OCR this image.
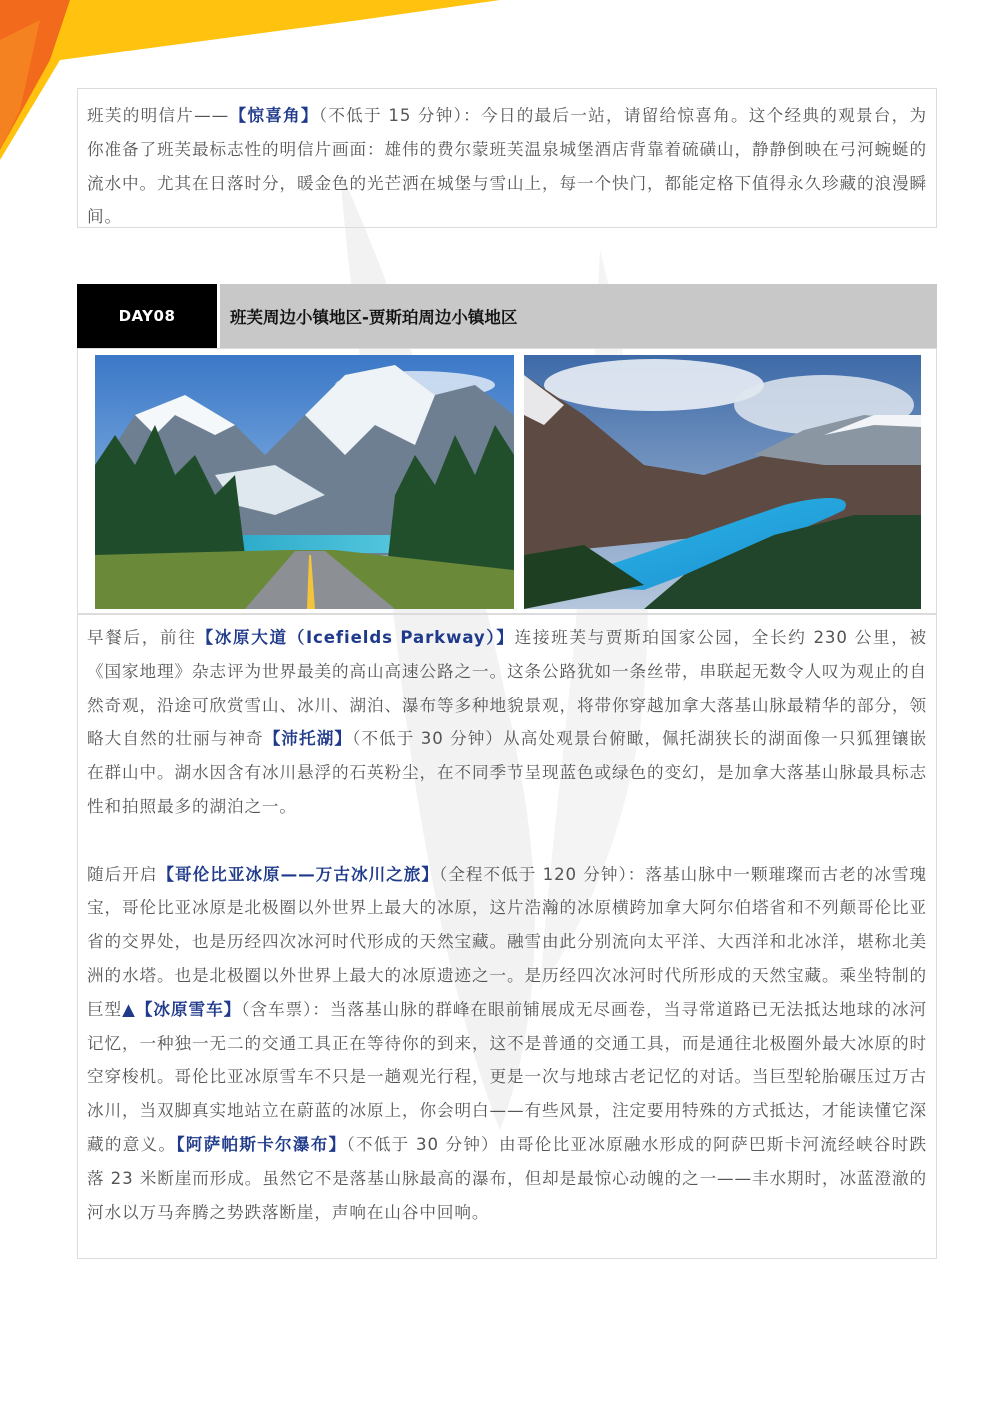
班芙的明信片——【惊喜角】（不低于 15 分钟）：今日的最后一站，请留给惊喜角。这个经典的观景台，为你准备了班芙最标志性的明信片画面：雄伟的费尔蒙班芙温泉城堡酒店背靠着硫磺山，静静倒映在弓河蜿蜒的流水中。尤其在日落时分，暖金色的光芒洒在城堡与雪山上，每一个快门，都能定格下值得永久珍藏的浪漫瞬间。

DAY08	班芙周边小镇地区-贾斯珀周边小镇地区

早餐后，前往【冰原大道（Icefields Parkway）】连接班芙与贾斯珀国家公园，全长约 230 公里，被《国家地理》杂志评为世界最美的高山高速公路之一。这条公路犹如一条丝带，串联起无数令人叹为观止的自然奇观，沿途可欣赏雪山、冰川、湖泊、瀑布等多种地貌景观，将带你穿越加拿大落基山脉最精华的部分，领略大自然的壮丽与神奇【沛托湖】（不低于 30 分钟）从高处观景台俯瞰，佩托湖狭长的湖面像一只狐狸镶嵌在群山中。湖水因含有冰川悬浮的石英粉尘，在不同季节呈现蓝色或绿色的变幻，是加拿大落基山脉最具标志性和拍照最多的湖泊之一。

随后开启【哥伦比亚冰原——万古冰川之旅】（全程不低于 120 分钟）：落基山脉中一颗璀璨而古老的冰雪瑰宝，哥伦比亚冰原是北极圈以外世界上最大的冰原，这片浩瀚的冰原横跨加拿大阿尔伯塔省和不列颠哥伦比亚省的交界处，也是历经四次冰河时代形成的天然宝藏。融雪由此分别流向太平洋、大西洋和北冰洋，堪称北美洲的水塔。也是北极圈以外世界上最大的冰原遗迹之一。是历经四次冰河时代所形成的天然宝藏。乘坐特制的巨型▲【冰原雪车】（含车票）：当落基山脉的群峰在眼前铺展成无尽画卷，当寻常道路已无法抵达地球的冰河记忆，一种独一无二的交通工具正在等待你的到来，这不是普通的交通工具，而是通往北极圈外最大冰原的时空穿梭机。哥伦比亚冰原雪车不只是一趟观光行程，更是一次与地球古老记忆的对话。当巨型轮胎碾压过万古冰川，当双脚真实地站立在蔚蓝的冰原上，你会明白——有些风景，注定要用特殊的方式抵达，才能读懂它深藏的意义。【阿萨帕斯卡尔瀑布】（不低于 30 分钟）由哥伦比亚冰原融水形成的阿萨巴斯卡河流经峡谷时跌落 23 米断崖而形成。虽然它不是落基山脉最高的瀑布，但却是最惊心动魄的之一——丰水期时，冰蓝澄澈的河水以万马奔腾之势跌落断崖，声响在山谷中回响。
